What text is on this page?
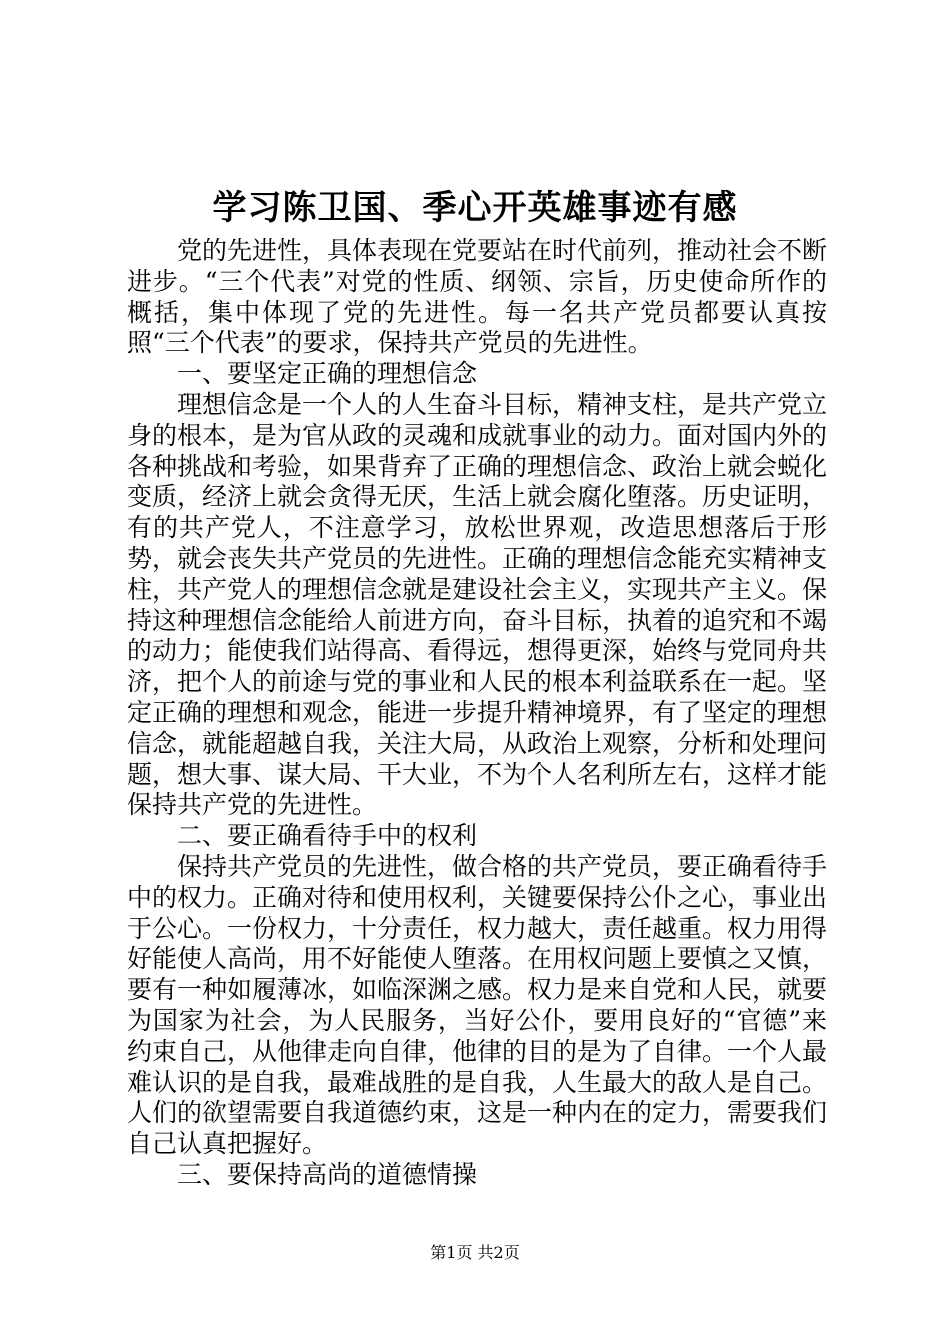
学习陈卫国、季心开英雄事迹有感

党的先进性，具体表现在党要站在时代前列，推动社会不断进步。“三个代表”对党的性质、纲领、宗旨，历史使命所作的概括，集中体现了党的先进性。每一名共产党员都要认真按照“三个代表”的要求，保持共产党员的先进性。

一、要坚定正确的理想信念

理想信念是一个人的人生奋斗目标，精神支柱，是共产党立身的根本，是为官从政的灵魂和成就事业的动力。面对国内外的各种挑战和考验，如果背弃了正确的理想信念、政治上就会蜕化变质，经济上就会贪得无厌，生活上就会腐化堕落。历史证明，有的共产党人，不注意学习，放松世界观，改造思想落后于形势，就会丧失共产党员的先进性。正确的理想信念能充实精神支柱，共产党人的理想信念就是建设社会主义，实现共产主义。保持这种理想信念能给人前进方向，奋斗目标，执着的追究和不竭的动力；能使我们站得高、看得远，想得更深，始终与党同舟共济，把个人的前途与党的事业和人民的根本利益联系在一起。坚定正确的理想和观念，能进一步提升精神境界，有了坚定的理想信念，就能超越自我，关注大局，从政治上观察，分析和处理问题，想大事、谋大局、干大业，不为个人名利所左右，这样才能保持共产党的先进性。

二、要正确看待手中的权利

保持共产党员的先进性，做合格的共产党员，要正确看待手中的权力。正确对待和使用权利，关键要保持公仆之心，事业出于公心。一份权力，十分责任，权力越大，责任越重。权力用得好能使人高尚，用不好能使人堕落。在用权问题上要慎之又慎，要有一种如履薄冰，如临深渊之感。权力是来自党和人民，就要为国家为社会，为人民服务，当好公仆，要用良好的“官德”来约束自己，从他律走向自律，他律的目的是为了自律。一个人最难认识的是自我，最难战胜的是自我，人生最大的敌人是自己。人们的欲望需要自我道德约束，这是一种内在的定力，需要我们自己认真把握好。

三、要保持高尚的道德情操

第1页 共2页
